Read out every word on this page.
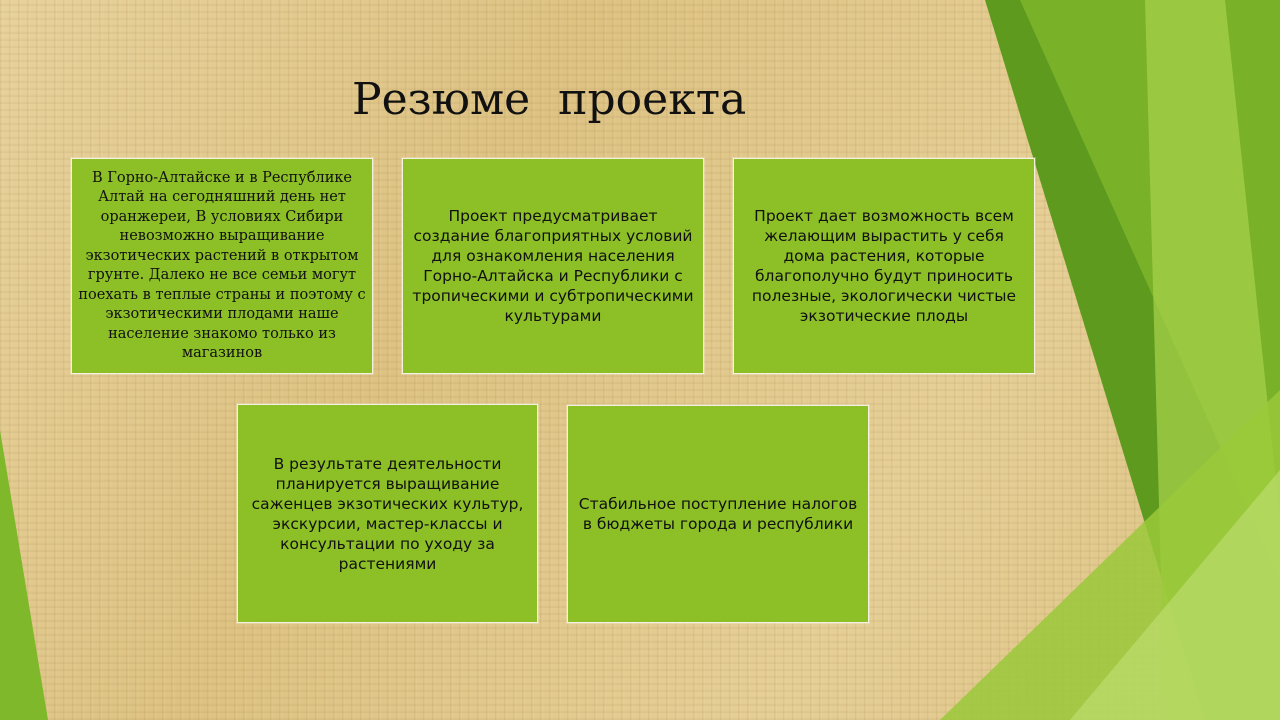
Резюме  проекта
В Горно-Алтайске и в Республике Алтай на сегодняшний день нет оранжереи, В условиях Сибири невозможно выращивание экзотических растений в открытом грунте. Далеко не все семьи могут поехать в теплые страны и поэтому с экзотическими плодами наше население знакомо только из магазинов
Проект предусматривает создание благоприятных условий для ознакомления населения Горно-Алтайска и Республики с тропическими и субтропическими культурами
Проект дает возможность всем желающим вырастить у себя дома растения, которые благополучно будут приносить полезные, экологически чистые экзотические плоды
В результате деятельности планируется выращивание саженцев экзотических культур, экскурсии, мастер-классы и консультации по уходу за растениями
Стабильное поступление налогов в бюджеты города и республики
